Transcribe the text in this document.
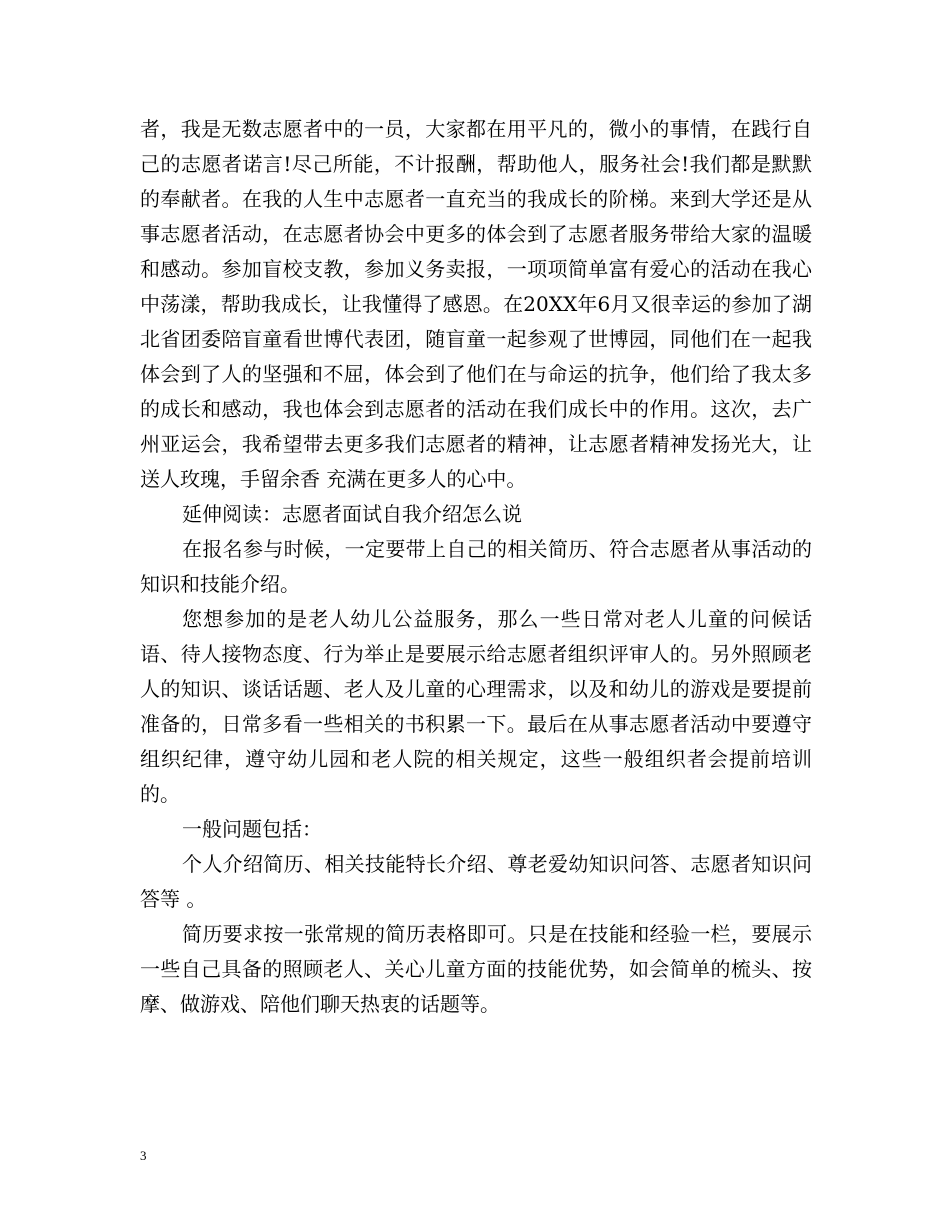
者，我是无数志愿者中的一员，大家都在用平凡的，微小的事情，在践行自己的志愿者诺言!尽己所能，不计报酬，帮助他人，服务社会!我们都是默默的奉献者。在我的人生中志愿者一直充当的我成长的阶梯。来到大学还是从事志愿者活动，在志愿者协会中更多的体会到了志愿者服务带给大家的温暖和感动。参加盲校支教，参加义务卖报，一项项简单富有爱心的活动在我心中荡漾，帮助我成长，让我懂得了感恩。在20XX年6月又很幸运的参加了湖北省团委陪盲童看世博代表团，随盲童一起参观了世博园，同他们在一起我体会到了人的坚强和不屈，体会到了他们在与命运的抗争，他们给了我太多的成长和感动，我也体会到志愿者的活动在我们成长中的作用。这次，去广州亚运会，我希望带去更多我们志愿者的精神，让志愿者精神发扬光大，让 送人玫瑰，手留余香 充满在更多人的心中。

延伸阅读：志愿者面试自我介绍怎么说

在报名参与时候，一定要带上自己的相关简历、符合志愿者从事活动的知识和技能介绍。

您想参加的是老人幼儿公益服务，那么一些日常对老人儿童的问候话语、待人接物态度、行为举止是要展示给志愿者组织评审人的。另外照顾老人的知识、谈话话题、老人及儿童的心理需求，以及和幼儿的游戏是要提前准备的，日常多看一些相关的书积累一下。最后在从事志愿者活动中要遵守组织纪律，遵守幼儿园和老人院的相关规定，这些一般组织者会提前培训的。

一般问题包括：

个人介绍简历、相关技能特长介绍、尊老爱幼知识问答、志愿者知识问答等 。

简历要求按一张常规的简历表格即可。只是在技能和经验一栏，要展示一些自己具备的照顾老人、关心儿童方面的技能优势，如会简单的梳头、按摩、做游戏、陪他们聊天热衷的话题等。

3
